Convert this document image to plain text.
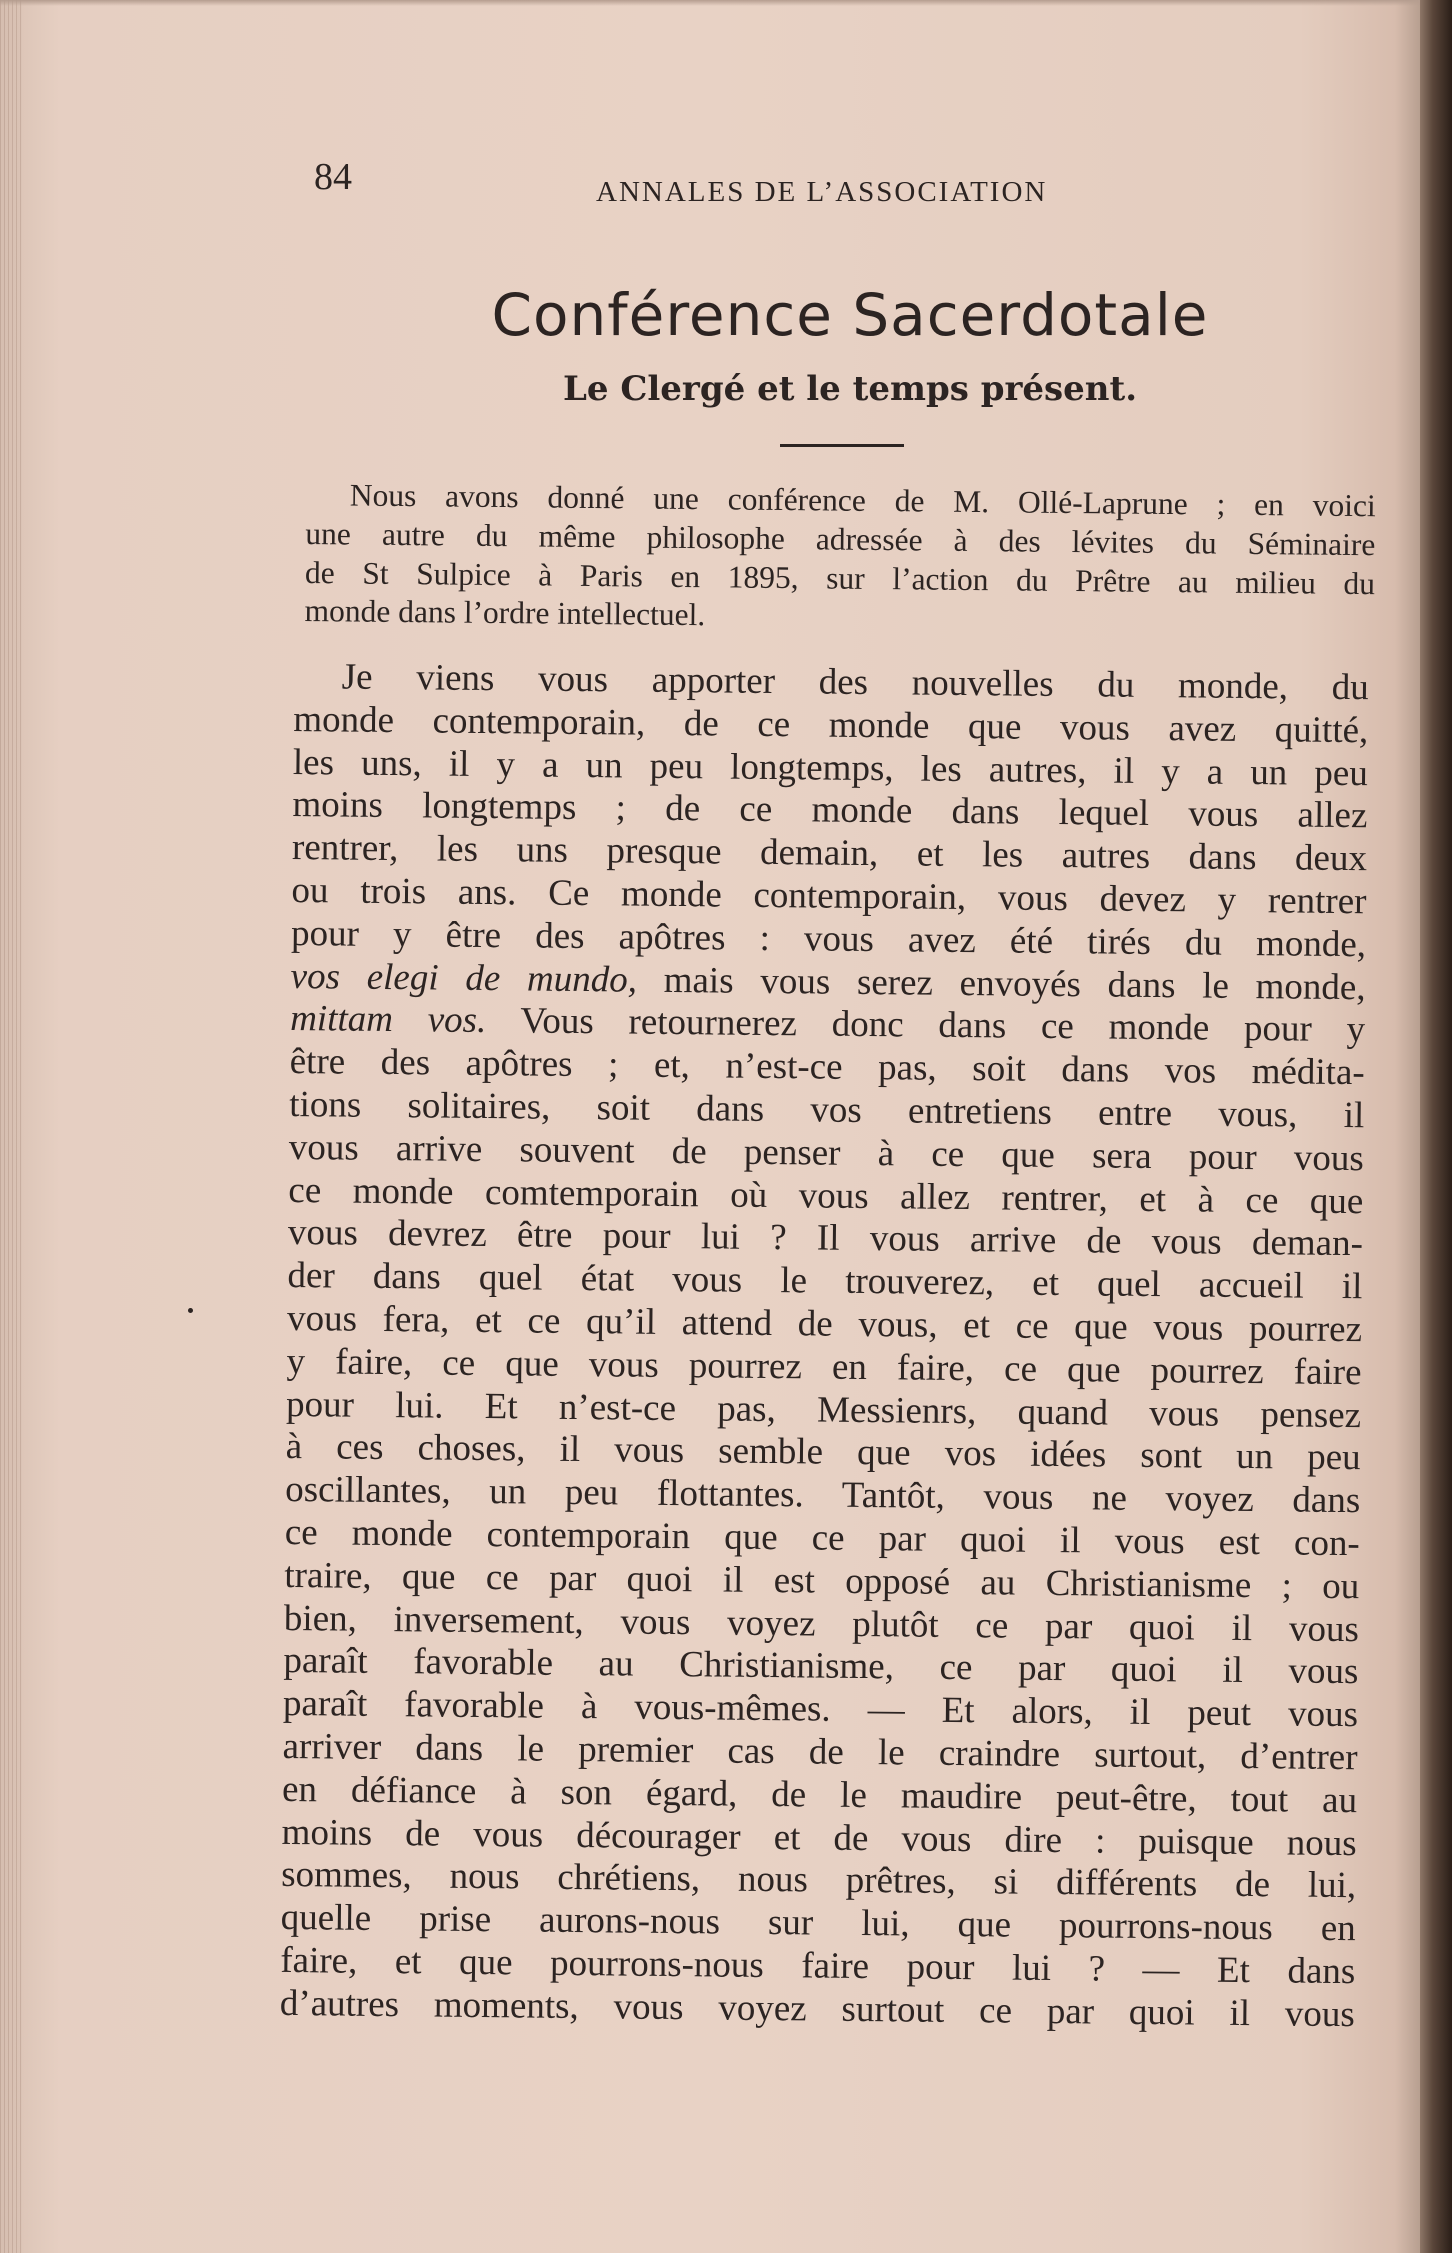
84	ANNALES DE L’ASSOCIATION
Conférence Sacerdotale
Le Clergé et le temps présent.
Nous avons donné une conférence de M. Ollé-Laprune ; en voici
une autre du même philosophe adressée à des lévites du Séminaire
de St Sulpice à Paris en 1895, sur l’action du Prêtre au milieu du
monde dans l’ordre intellectuel.
Je viens vous apporter des nouvelles du monde, du
monde contemporain, de ce monde que vous avez quitté,
les uns, il y a un peu longtemps, les autres, il y a un peu
moins longtemps ; de ce monde dans lequel vous allez
rentrer, les uns presque demain, et les autres dans deux
ou trois ans. Ce monde contemporain, vous devez y rentrer
pour y être des apôtres : vous avez été tirés du monde,
vos elegi de mundo, mais vous serez envoyés dans le monde,
mittam vos. Vous retournerez donc dans ce monde pour y
être des apôtres ; et, n’est-ce pas, soit dans vos médita-
tions solitaires, soit dans vos entretiens entre vous, il
vous arrive souvent de penser à ce que sera pour vous
ce monde comtemporain où vous allez rentrer, et à ce que
vous devrez être pour lui ? Il vous arrive de vous deman-
der dans quel état vous le trouverez, et quel accueil il
vous fera, et ce qu’il attend de vous, et ce que vous pourrez
y faire, ce que vous pourrez en faire, ce que pourrez faire
pour lui. Et n’est-ce pas, Messienrs, quand vous pensez
à ces choses, il vous semble que vos idées sont un peu
oscillantes, un peu flottantes. Tantôt, vous ne voyez dans
ce monde contemporain que ce par quoi il vous est con-
traire, que ce par quoi il est opposé au Christianisme ; ou
bien, inversement, vous voyez plutôt ce par quoi il vous
paraît favorable au Christianisme, ce par quoi il vous
paraît favorable à vous-mêmes. — Et alors, il peut vous
arriver dans le premier cas de le craindre surtout, d’entrer
en défiance à son égard, de le maudire peut-être, tout au
moins de vous décourager et de vous dire : puisque nous
sommes, nous chrétiens, nous prêtres, si différents de lui,
quelle prise aurons-nous sur lui, que pourrons-nous en
faire, et que pourrons-nous faire pour lui ? — Et dans
d’autres moments, vous voyez surtout ce par quoi il vous
